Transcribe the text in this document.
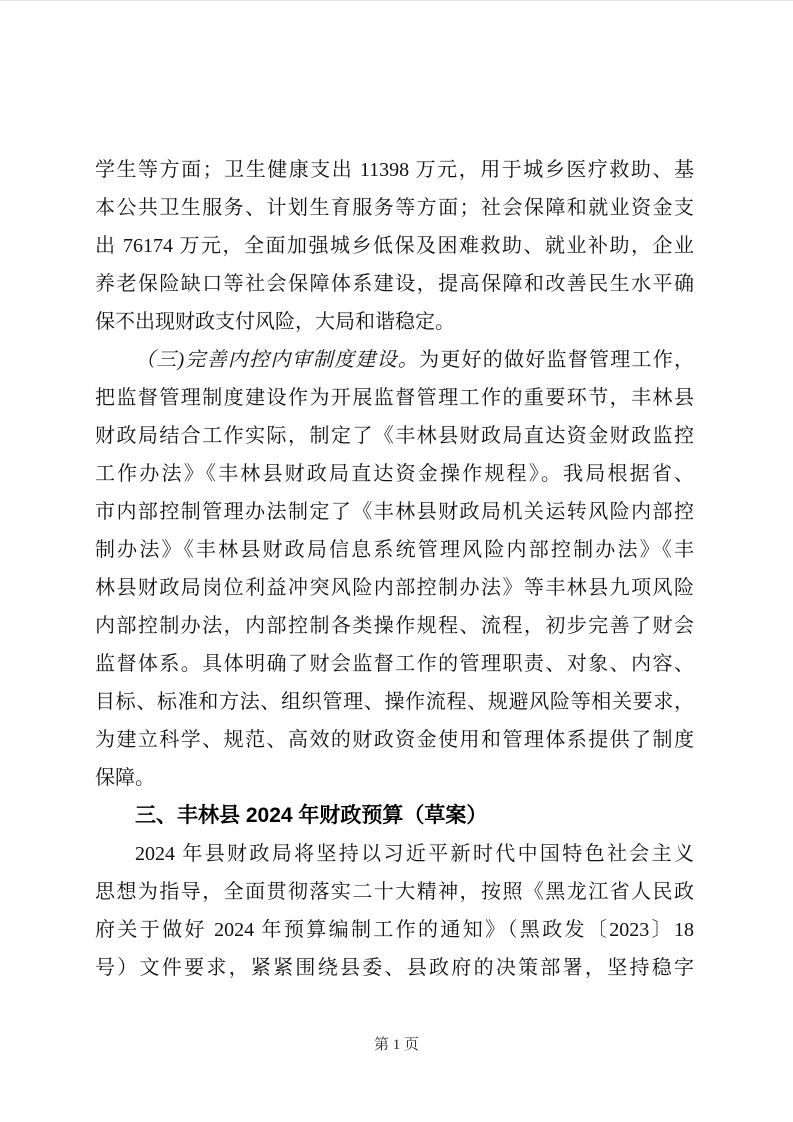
学生等方面；卫生健康支出 11398 万元，用于城乡医疗救助、基
本公共卫生服务、计划生育服务等方面；社会保障和就业资金支
出 76174 万元，全面加强城乡低保及困难救助、就业补助，企业
养老保险缺口等社会保障体系建设，提高保障和改善民生水平确
保不出现财政支付风险，大局和谐稳定。
（三)完善内控内审制度建设。为更好的做好监督管理工作，
把监督管理制度建设作为开展监督管理工作的重要环节，丰林县
财政局结合工作实际，制定了《丰林县财政局直达资金财政监控
工作办法》《丰林县财政局直达资金操作规程》。我局根据省、
市内部控制管理办法制定了《丰林县财政局机关运转风险内部控
制办法》《丰林县财政局信息系统管理风险内部控制办法》《丰
林县财政局岗位利益冲突风险内部控制办法》等丰林县九项风险
内部控制办法，内部控制各类操作规程、流程，初步完善了财会
监督体系。具体明确了财会监督工作的管理职责、对象、内容、
目标、标准和方法、组织管理、操作流程、规避风险等相关要求，
为建立科学、规范、高效的财政资金使用和管理体系提供了制度
保障。
三、丰林县 2024 年财政预算（草案）
2024 年县财政局将坚持以习近平新时代中国特色社会主义
思想为指导，全面贯彻落实二十大精神，按照《黑龙江省人民政
府关于做好 2024 年预算编制工作的通知》（黑政发〔2023〕18
号）文件要求，紧紧围绕县委、县政府的决策部署，坚持稳字
第 1 页
